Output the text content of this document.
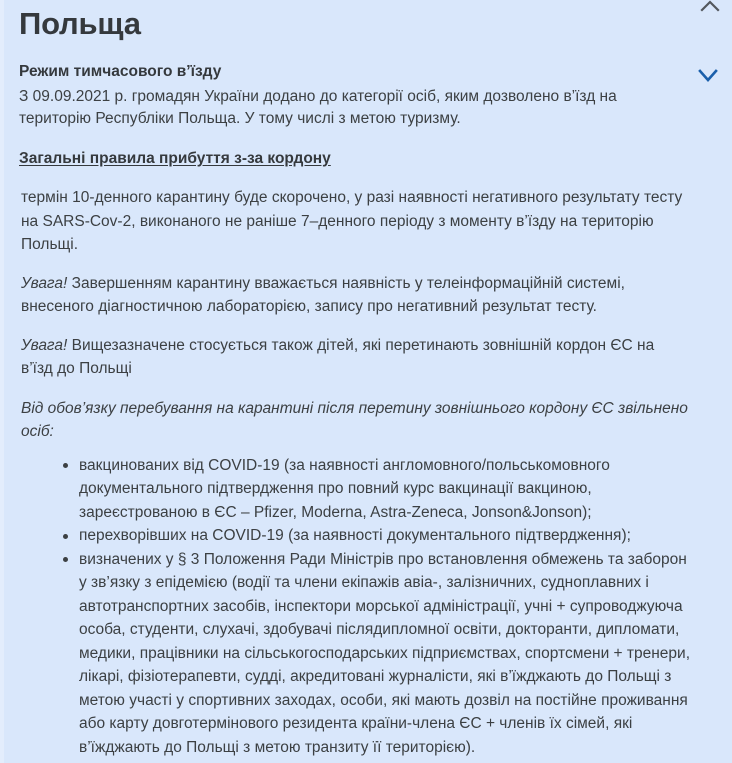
Польща
Режим тимчасового в’їзду

З 09.09.2021 р. громадян України додано до категорії осіб, яким дозволено в’їзд на територію Республіки Польща. У тому числі з метою туризму.

Загальні правила прибуття з-за кордону

термін 10-денного карантину буде скорочено, у разі наявності негативного результату тесту на SARS-Cov-2, виконаного не раніше 7–денного періоду з моменту в’їзду на територію Польщі.

Увага! Завершенням карантину вважається наявність у телеінформаційній системі, внесеного діагностичною лабораторією, запису про негативний результат тесту.

Увага! Вищезазначене стосується також дітей, які перетинають зовнішній кордон ЄС на в’їзд до Польщі

Від обов’язку перебування на карантині після перетину зовнішнього кордону ЄС звільнено осіб:

вакцинованих від COVID-19 (за наявності англомовного/польськомовного документального підтвердження про повний курс вакцинації вакциною, зареєстрованою в ЄС – Pfizer, Moderna, Astra-Zeneca, Jonson&Jonson);
перехворівших на COVID-19 (за наявності документального підтвердження);
визначених у § 3 Положення Ради Міністрів про встановлення обмежень та заборон у зв’язку з епідемією (водії та члени екіпажів авіа-, залізничних, судноплавних і автотранспортних засобів, інспектори морської адміністрації, учні + супроводжуюча особа, студенти, слухачі, здобувачі післядипломної освіти, докторанти, дипломати, медики, працівники на сільськогосподарських підприємствах, спортсмени + тренери, лікарі, фізіотерапевти, судді, акредитовані журналісти, які в’їжджають до Польщі з метою участі у спортивних заходах, особи, які мають дозвіл на постійне проживання або карту довготермінового резидента країни-члена ЄС + членів їх сімей, які в’їжджають до Польщі з метою транзиту її територією).
